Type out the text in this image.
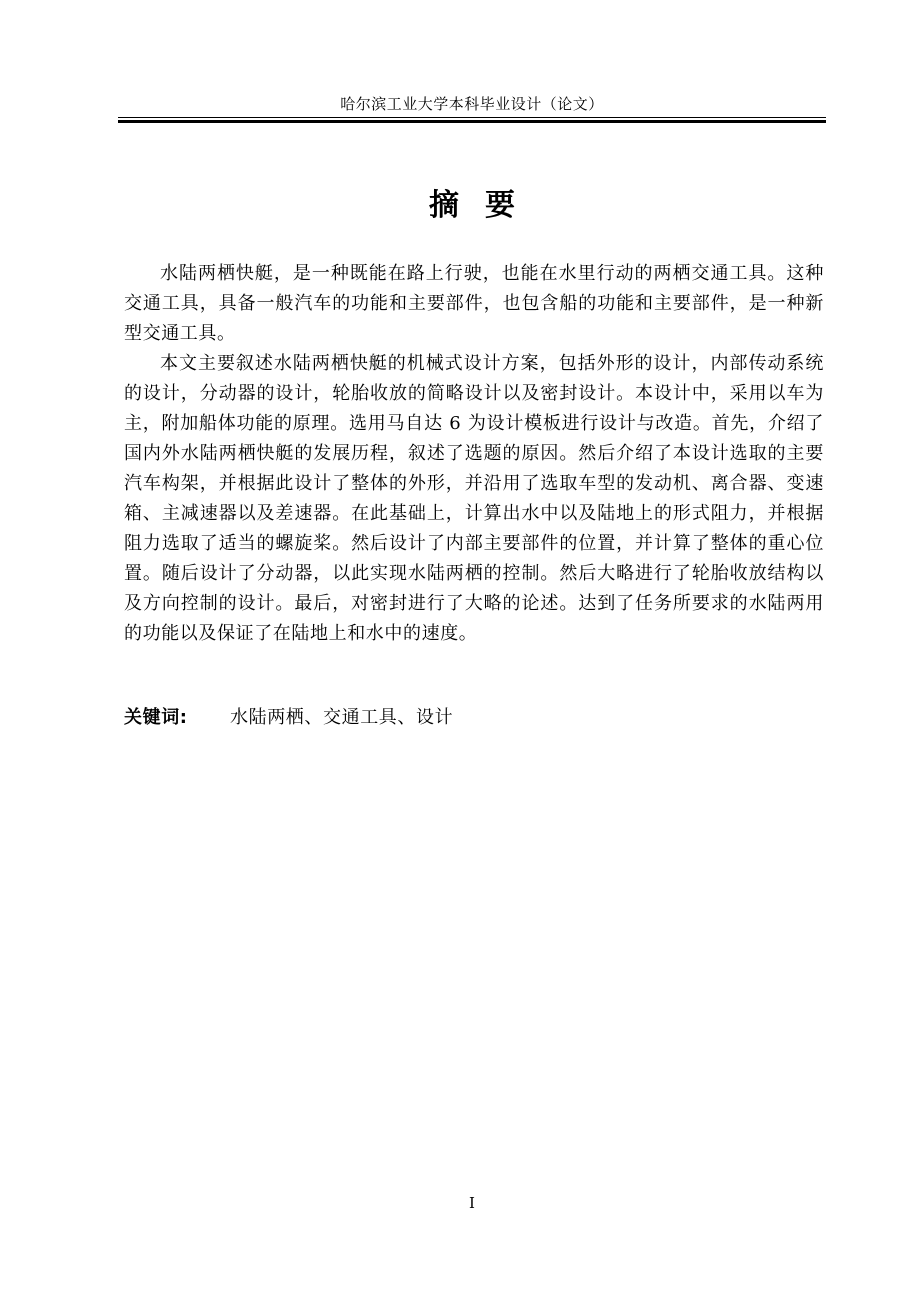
哈尔滨工业大学本科毕业设计（论文）
摘要

水陆两栖快艇，是一种既能在路上行驶，也能在水里行动的两栖交通工具。这种交通工具，具备一般汽车的功能和主要部件，也包含船的功能和主要部件，是一种新型交通工具。

本文主要叙述水陆两栖快艇的机械式设计方案，包括外形的设计，内部传动系统的设计，分动器的设计，轮胎收放的简略设计以及密封设计。本设计中，采用以车为主，附加船体功能的原理。选用马自达 6 为设计模板进行设计与改造。首先，介绍了国内外水陆两栖快艇的发展历程，叙述了选题的原因。然后介绍了本设计选取的主要汽车构架，并根据此设计了整体的外形，并沿用了选取车型的发动机、离合器、变速箱、主减速器以及差速器。在此基础上，计算出水中以及陆地上的形式阻力，并根据阻力选取了适当的螺旋桨。然后设计了内部主要部件的位置，并计算了整体的重心位置。随后设计了分动器，以此实现水陆两栖的控制。然后大略进行了轮胎收放结构以及方向控制的设计。最后，对密封进行了大略的论述。达到了任务所要求的水陆两用的功能以及保证了在陆地上和水中的速度。

关键词: 水陆两栖、交通工具、设计
I
